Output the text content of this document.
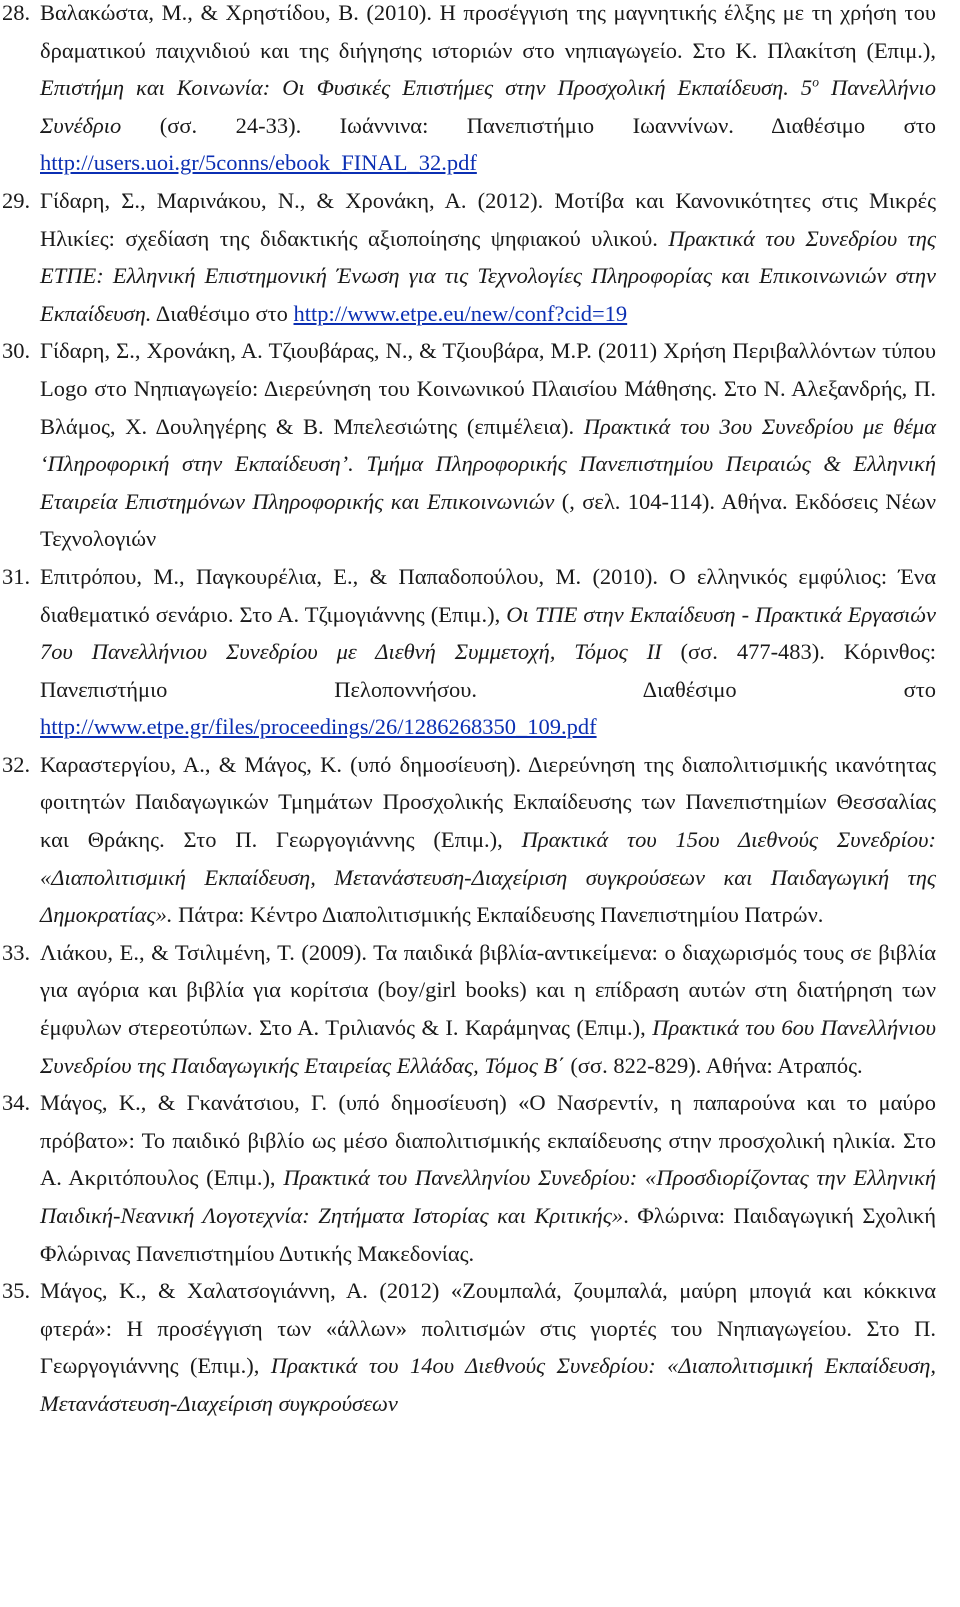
28. Βαλακώστα, Μ., & Χρηστίδου, Β. (2010). Η προσέγγιση της μαγνητικής έλξης με τη χρήση του δραματικού παιχνιδιού και της διήγησης ιστοριών στο νηπιαγωγείο. Στο Κ. Πλακίτση (Επιμ.), Επιστήμη και Κοινωνία: Οι Φυσικές Επιστήμες στην Προσχολική Εκπαίδευση. $5^o$ Πανελλήνιο Συνέδριο (σσ. 24-33). Ιωάννινα: Πανεπιστήμιο Ιωαννίνων. Διαθέσιμο στο http://users.uoi.gr/5conns/ebook_FINAL_32.pdf
29. Γίδαρη, Σ., Μαρινάκου, Ν., & Χρονάκη, Α. (2012). Μοτίβα και Κανονικότητες στις Μικρές Ηλικίες: σχεδίαση της διδακτικής αξιοποίησης ψηφιακού υλικού. Πρακτικά του Συνεδρίου της ΕΤΠΕ: Ελληνική Επιστημονική Ένωση για τις Τεχνολογίες Πληροφορίας και Επικοινωνιών στην Εκπαίδευση. Διαθέσιμο στο http://www.etpe.eu/new/conf?cid=19
30. Γίδαρη, Σ., Χρονάκη, Α. Τζιουβάρας, Ν., & Τζιουβάρα, Μ.Ρ. (2011) Χρήση Περιβαλλόντων τύπου Logo στο Νηπιαγωγείο: Διερεύνηση του Κοινωνικού Πλαισίου Μάθησης. Στο Ν. Αλεξανδρής, Π. Βλάμος, Χ. Δουληγέρης & Β. Μπελεσιώτης (επιμέλεια). Πρακτικά του 3ου Συνεδρίου με θέμα ‘Πληροφορική στην Εκπαίδευση’. Τμήμα Πληροφορικής Πανεπιστημίου Πειραιώς & Ελληνική Εταιρεία Επιστημόνων Πληροφορικής και Επικοινωνιών (, σελ. 104-114). Αθήνα. Εκδόσεις Νέων Τεχνολογιών
31. Επιτρόπου, Μ., Παγκουρέλια, Ε., & Παπαδοπούλου, Μ. (2010). Ο ελληνικός εμφύλιος: Ένα διαθεματικό σενάριο. Στο Α. Τζιμογιάννης (Επιμ.), Οι ΤΠΕ στην Εκπαίδευση - Πρακτικά Εργασιών 7ου Πανελλήνιου Συνεδρίου με Διεθνή Συμμετοχή, Τόμος ΙΙ (σσ. 477-483). Κόρινθος: Πανεπιστήμιο Πελοποννήσου. Διαθέσιμο στο http://www.etpe.gr/files/proceedings/26/1286268350_109.pdf
32. Καραστεργίου, Α., & Μάγος, Κ. (υπό δημοσίευση). Διερεύνηση της διαπολιτισμικής ικανότητας φοιτητών Παιδαγωγικών Τμημάτων Προσχολικής Εκπαίδευσης των Πανεπιστημίων Θεσσαλίας και Θράκης. Στο Π. Γεωργογιάννης (Επιμ.), Πρακτικά του 15ου Διεθνούς Συνεδρίου: «Διαπολιτισμική Εκπαίδευση, Μετανάστευση-Διαχείριση συγκρούσεων και Παιδαγωγική της Δημοκρατίας». Πάτρα: Κέντρο Διαπολιτισμικής Εκπαίδευσης Πανεπιστημίου Πατρών.
33. Λιάκου, Ε., & Τσιλιμένη, Τ. (2009). Τα παιδικά βιβλία-αντικείμενα: ο διαχωρισμός τους σε βιβλία για αγόρια και βιβλία για κορίτσια (boy/girl books) και η επίδραση αυτών στη διατήρηση των έμφυλων στερεοτύπων. Στο Α. Τριλιανός & Ι. Καράμηνας (Επιμ.), Πρακτικά του 6ου Πανελλήνιου Συνεδρίου της Παιδαγωγικής Εταιρείας Ελλάδας, Τόμος Β΄ (σσ. 822-829). Αθήνα: Ατραπός.
34. Μάγος, Κ., & Γκανάτσιου, Γ. (υπό δημοσίευση) «Ο Νασρεντίν, η παπαρούνα και το μαύρο πρόβατο»: Το παιδικό βιβλίο ως μέσο διαπολιτισμικής εκπαίδευσης στην προσχολική ηλικία. Στο Α. Ακριτόπουλος (Επιμ.), Πρακτικά του Πανελληνίου Συνεδρίου: «Προσδιορίζοντας την Ελληνική Παιδική-Νεανική Λογοτεχνία: Ζητήματα Ιστορίας και Κριτικής». Φλώρινα: Παιδαγωγική Σχολική Φλώρινας Πανεπιστημίου Δυτικής Μακεδονίας.
35. Μάγος, Κ., & Χαλατσογιάννη, Α. (2012) «Ζουμπαλά, ζουμπαλά, μαύρη μπογιά και κόκκινα φτερά»: Η προσέγγιση των «άλλων» πολιτισμών στις γιορτές του Νηπιαγωγείου. Στο Π. Γεωργογιάννης (Επιμ.), Πρακτικά του 14ου Διεθνούς Συνεδρίου: «Διαπολιτισμική Εκπαίδευση, Μετανάστευση-Διαχείριση συγκρούσεων
